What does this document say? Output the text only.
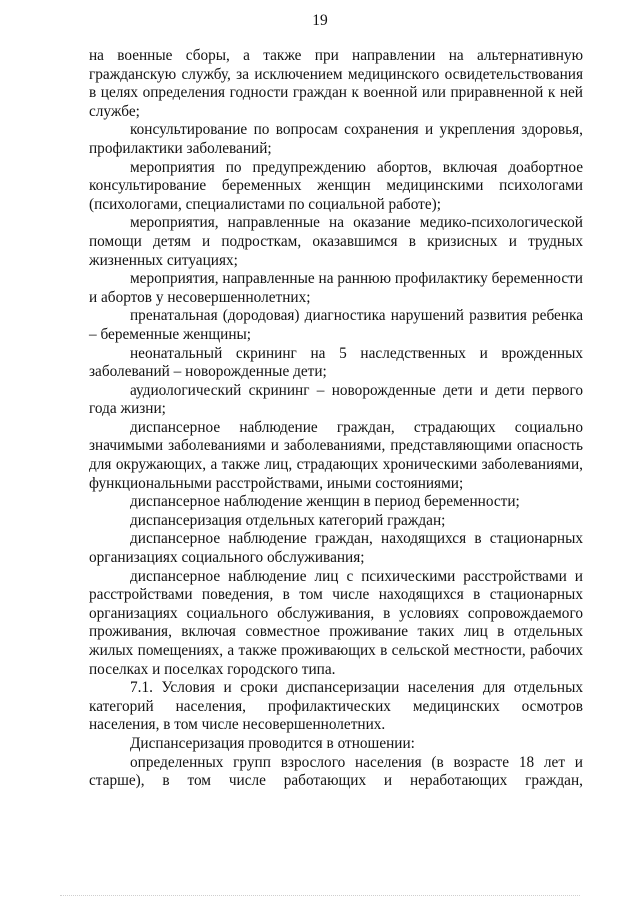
19

на военные сборы, а также при направлении на альтернативную гражданскую службу, за исключением медицинского освидетельствования в целях определения годности граждан к военной или приравненной к ней службе;

консультирование по вопросам сохранения и укрепления здоровья, профилактики заболеваний;

мероприятия по предупреждению абортов, включая доабортное консультирование беременных женщин медицинскими психологами (психологами, специалистами по социальной работе);

мероприятия, направленные на оказание медико-психологической помощи детям и подросткам, оказавшимся в кризисных и трудных жизненных ситуациях;

мероприятия, направленные на раннюю профилактику беременности и абортов у несовершеннолетних;

пренатальная (дородовая) диагностика нарушений развития ребенка – беременные женщины;

неонатальный скрининг на 5 наследственных и врожденных заболеваний – новорожденные дети;

аудиологический скрининг – новорожденные дети и дети первого года жизни;

диспансерное наблюдение граждан, страдающих социально значимыми заболеваниями и заболеваниями, представляющими опасность для окружающих, а также лиц, страдающих хроническими заболеваниями, функциональными расстройствами, иными состояниями;

диспансерное наблюдение женщин в период беременности;

диспансеризация отдельных категорий граждан;

диспансерное наблюдение граждан, находящихся в стационарных организациях социального обслуживания;

диспансерное наблюдение лиц с психическими расстройствами и расстройствами поведения, в том числе находящихся в стационарных организациях социального обслуживания, в условиях сопровождаемого проживания, включая совместное проживание таких лиц в отдельных жилых помещениях, а также проживающих в сельской местности, рабочих поселках и поселках городского типа.

7.1. Условия и сроки диспансеризации населения для отдельных категорий населения, профилактических медицинских осмотров населения, в том числе несовершеннолетних.

Диспансеризация проводится в отношении:

определенных групп взрослого населения (в возрасте 18 лет и старше), в том числе работающих и неработающих граждан,
